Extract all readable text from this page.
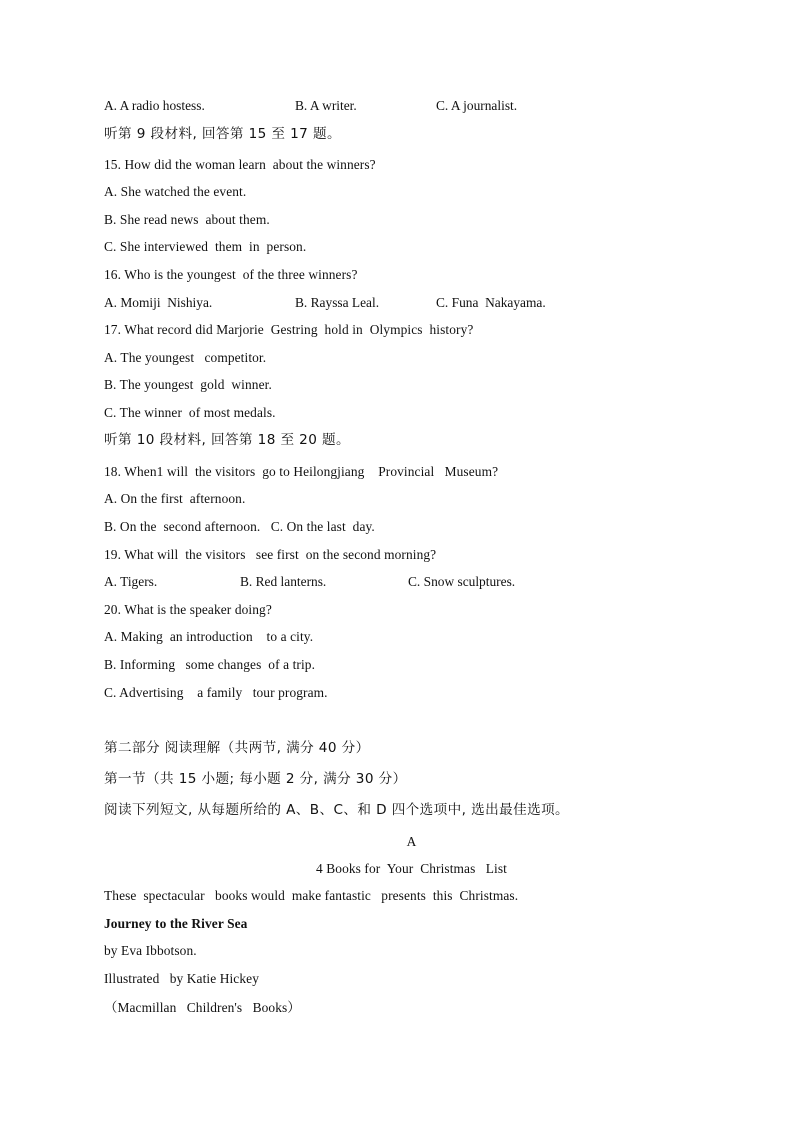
A. A radio hostess.	B. A writer.	C. A journalist.
听第 9 段材料, 回答第 15 至 17 题。
15. How did the woman learn  about the winners?
A. She watched the event.
B. She read news  about them.
C. She interviewed  them  in  person.
16. Who is the youngest  of the three winners?
A. Momiji  Nishiya.	B. Rayssa Leal.	C. Funa  Nakayama.
17. What record did Marjorie  Gestring  hold in  Olympics  history?
A. The youngest   competitor.
B. The youngest  gold  winner.
C. The winner  of most medals.
听第 10 段材料, 回答第 18 至 20 题。
18. When1 will  the visitors  go to Heilongjiang    Provincial   Museum?
A. On the first  afternoon.
B. On the  second afternoon.   C. On the last  day.
19. What will  the visitors   see first  on the second morning?
A. Tigers.	B. Red lanterns.	C. Snow sculptures.
20. What is the speaker doing?
A. Making  an introduction    to a city.
B. Informing   some changes  of a trip.
C. Advertising    a family   tour program.
第二部分 阅读理解（共两节, 满分 40 分）
第一节（共 15 小题; 每小题 2 分, 满分 30 分）
阅读下列短文, 从每题所给的 A、B、C、和 D 四个选项中, 选出最佳选项。
A
4 Books for  Your  Christmas   List
These  spectacular   books would  make fantastic   presents  this  Christmas.
Journey to the River Sea
by Eva Ibbotson.
Illustrated   by Katie Hickey
（Macmillan   Children's   Books）
